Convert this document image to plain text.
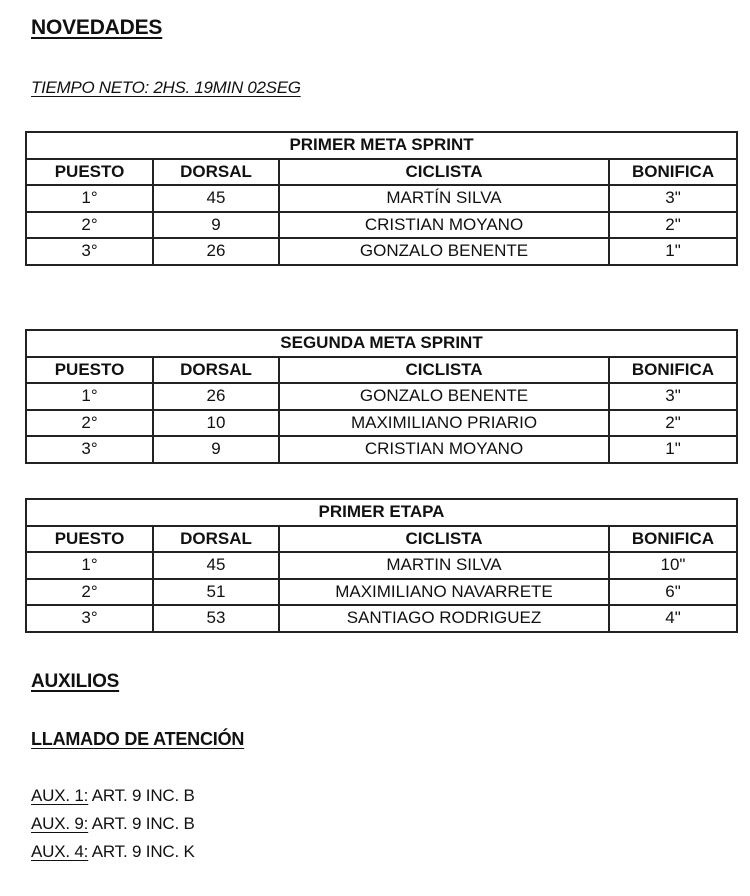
NOVEDADES

TIEMPO NETO: 2HS. 19MIN 02SEG

PRIMER META SPRINT			
PUESTO	DORSAL	CICLISTA	BONIFICA
1°	45	MARTÍN SILVA	3"
2°	9	CRISTIAN MOYANO	2"
3°	26	GONZALO BENENTE	1"
SEGUNDA META SPRINT			
PUESTO	DORSAL	CICLISTA	BONIFICA
1°	26	GONZALO BENENTE	3"
2°	10	MAXIMILIANO PRIARIO	2"
3°	9	CRISTIAN MOYANO	1"
PRIMER ETAPA			
PUESTO	DORSAL	CICLISTA	BONIFICA
1°	45	MARTIN SILVA	10"
2°	51	MAXIMILIANO NAVARRETE	6"
3°	53	SANTIAGO RODRIGUEZ	4"
AUXILIOS
LLAMADO DE ATENCIÓN

AUX. 1: ART. 9 INC. B

AUX. 9: ART. 9 INC. B

AUX. 4: ART. 9 INC. K
